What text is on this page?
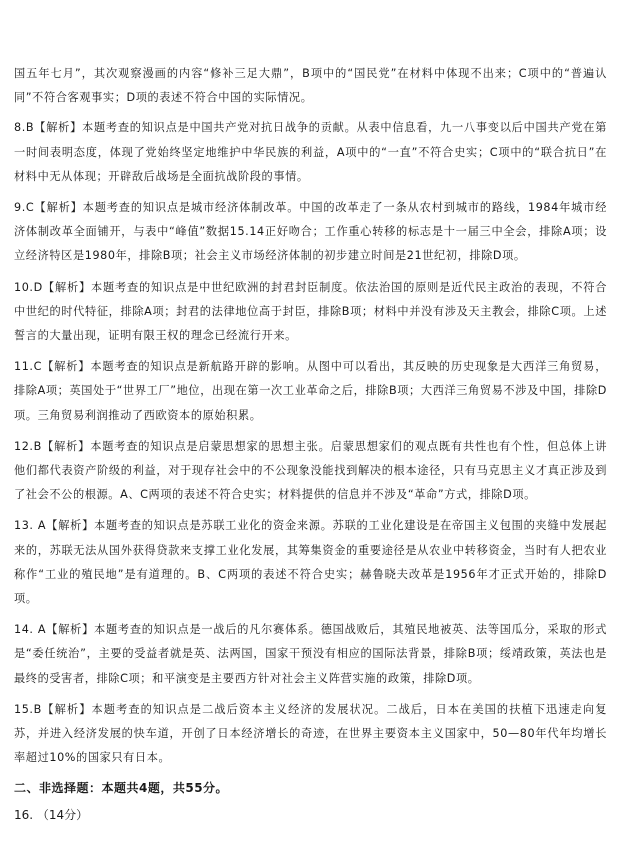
国五年七月”，其次观察漫画的内容“修补三足大鼎”，B项中的“国民党”在材料中体现不出来；C项中的“普遍认同”不符合客观事实；D项的表述不符合中国的实际情况。

8.B【解析】本题考查的知识点是中国共产党对抗日战争的贡献。从表中信息看，九一八事变以后中国共产党在第一时间表明态度，体现了党始终坚定地维护中华民族的利益，A项中的“一直”不符合史实；C项中的“联合抗日”在材料中无从体现；开辟敌后战场是全面抗战阶段的事情。

9.C【解析】本题考查的知识点是城市经济体制改革。中国的改革走了一条从农村到城市的路线，1984年城市经济体制改革全面铺开，与表中“峰值”数据15.14正好吻合；工作重心转移的标志是十一届三中全会，排除A项；设立经济特区是1980年，排除B项；社会主义市场经济体制的初步建立时间是21世纪初，排除D项。

10.D【解析】本题考查的知识点是中世纪欧洲的封君封臣制度。依法治国的原则是近代民主政治的表现，不符合中世纪的时代特征，排除A项；封君的法律地位高于封臣，排除B项；材料中并没有涉及天主教会，排除C项。上述誓言的大量出现，证明有限王权的理念已经流行开来。

11.C【解析】本题考查的知识点是新航路开辟的影响。从图中可以看出，其反映的历史现象是大西洋三角贸易，排除A项；英国处于“世界工厂”地位，出现在第一次工业革命之后，排除B项；大西洋三角贸易不涉及中国，排除D项。三角贸易利润推动了西欧资本的原始积累。

12.B【解析】本题考查的知识点是启蒙思想家的思想主张。启蒙思想家们的观点既有共性也有个性，但总体上讲他们都代表资产阶级的利益，对于现存社会中的不公现象没能找到解决的根本途径，只有马克思主义才真正涉及到了社会不公的根源。A、C两项的表述不符合史实；材料提供的信息并不涉及“革命”方式，排除D项。

13. A【解析】本题考查的知识点是苏联工业化的资金来源。苏联的工业化建设是在帝国主义包围的夹缝中发展起来的，苏联无法从国外获得贷款来支撑工业化发展，其筹集资金的重要途径是从农业中转移资金，当时有人把农业称作“工业的殖民地”是有道理的。B、C两项的表述不符合史实；赫鲁晓夫改革是1956年才正式开始的，排除D项。

14. A【解析】本题考查的知识点是一战后的凡尔赛体系。德国战败后，其殖民地被英、法等国瓜分，采取的形式是“委任统治”，主要的受益者就是英、法两国，国家干预没有相应的国际法背景，排除B项；绥靖政策，英法也是最终的受害者，排除C项；和平演变是主要西方针对社会主义阵营实施的政策，排除D项。

15.B【解析】本题考查的知识点是二战后资本主义经济的发展状况。二战后，日本在美国的扶植下迅速走向复苏，并进入经济发展的快车道，开创了日本经济增长的奇迹，在世界主要资本主义国家中，50—80年代年均增长率超过10%的国家只有日本。

二、非选择题：本题共4题，共55分。
16. （14分）
